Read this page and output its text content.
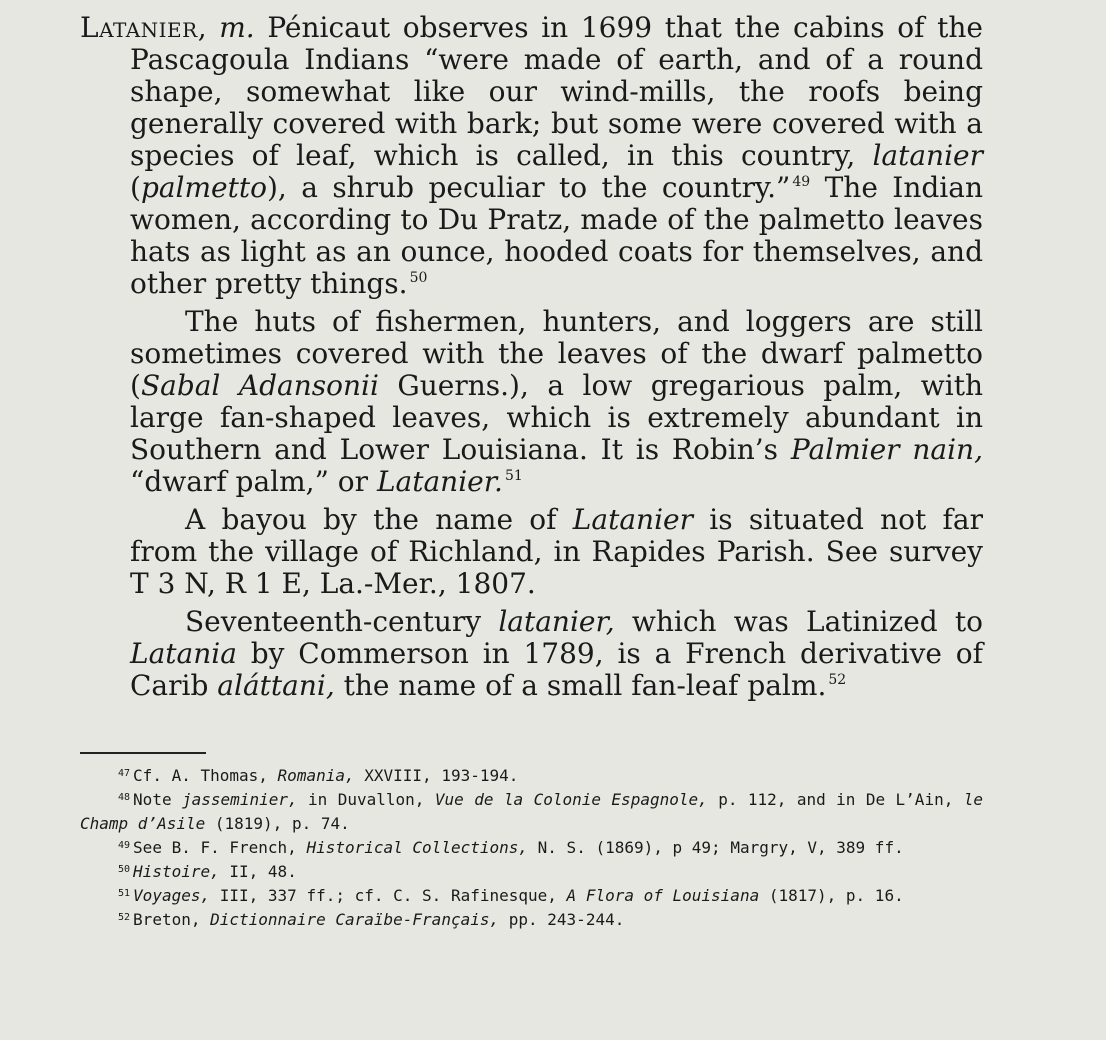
Latanier, m. Pénicaut observes in 1699 that the cabins of the Pascagoula Indians “were made of earth, and of a round shape, somewhat like our wind-mills, the roofs being generally covered with bark; but some were covered with a species of leaf, which is called, in this country, latanier (palmetto), a shrub peculiar to the country.” $^{49}$ The Indian women, according to Du Pratz, made of the palmetto leaves hats as light as an ounce, hooded coats for themselves, and other pretty things. $^{50}$

The huts of fishermen, hunters, and loggers are still sometimes covered with the leaves of the dwarf palmetto (Sabal Adansonii Guerns.), a low gregarious palm, with large fan-shaped leaves, which is extremely abundant in Southern and Lower Louisiana. It is Robin’s Palmier nain, “dwarf palm,” or Latanier. $^{51}$

A bayou by the name of Latanier is situated not far from the village of Richland, in Rapides Parish. See survey T 3 N, R 1 E, La.-Mer., 1807.

Seventeenth-century latanier, which was Latinized to Latania by Commerson in 1789, is a French derivative of Carib aláttani, the name of a small fan-leaf palm. $^{52}$

$^{47}$ Cf. A. Thomas, Romania, XXVIII, 193-194.

$^{48}$ Note jasseminier, in Duvallon, Vue de la Colonie Espagnole, p. 112, and in De L’Ain, le Champ d’Asile (1819), p. 74.

$^{49}$ See B. F. French, Historical Collections, N. S. (1869), p 49; Margry, V, 389 ff.

$^{50}$ Histoire, II, 48.

$^{51}$ Voyages, III, 337 ff.; cf. C. S. Rafinesque, A Flora of Louisiana (1817), p. 16.

$^{52}$ Breton, Dictionnaire Caraïbe-Français, pp. 243-244.
